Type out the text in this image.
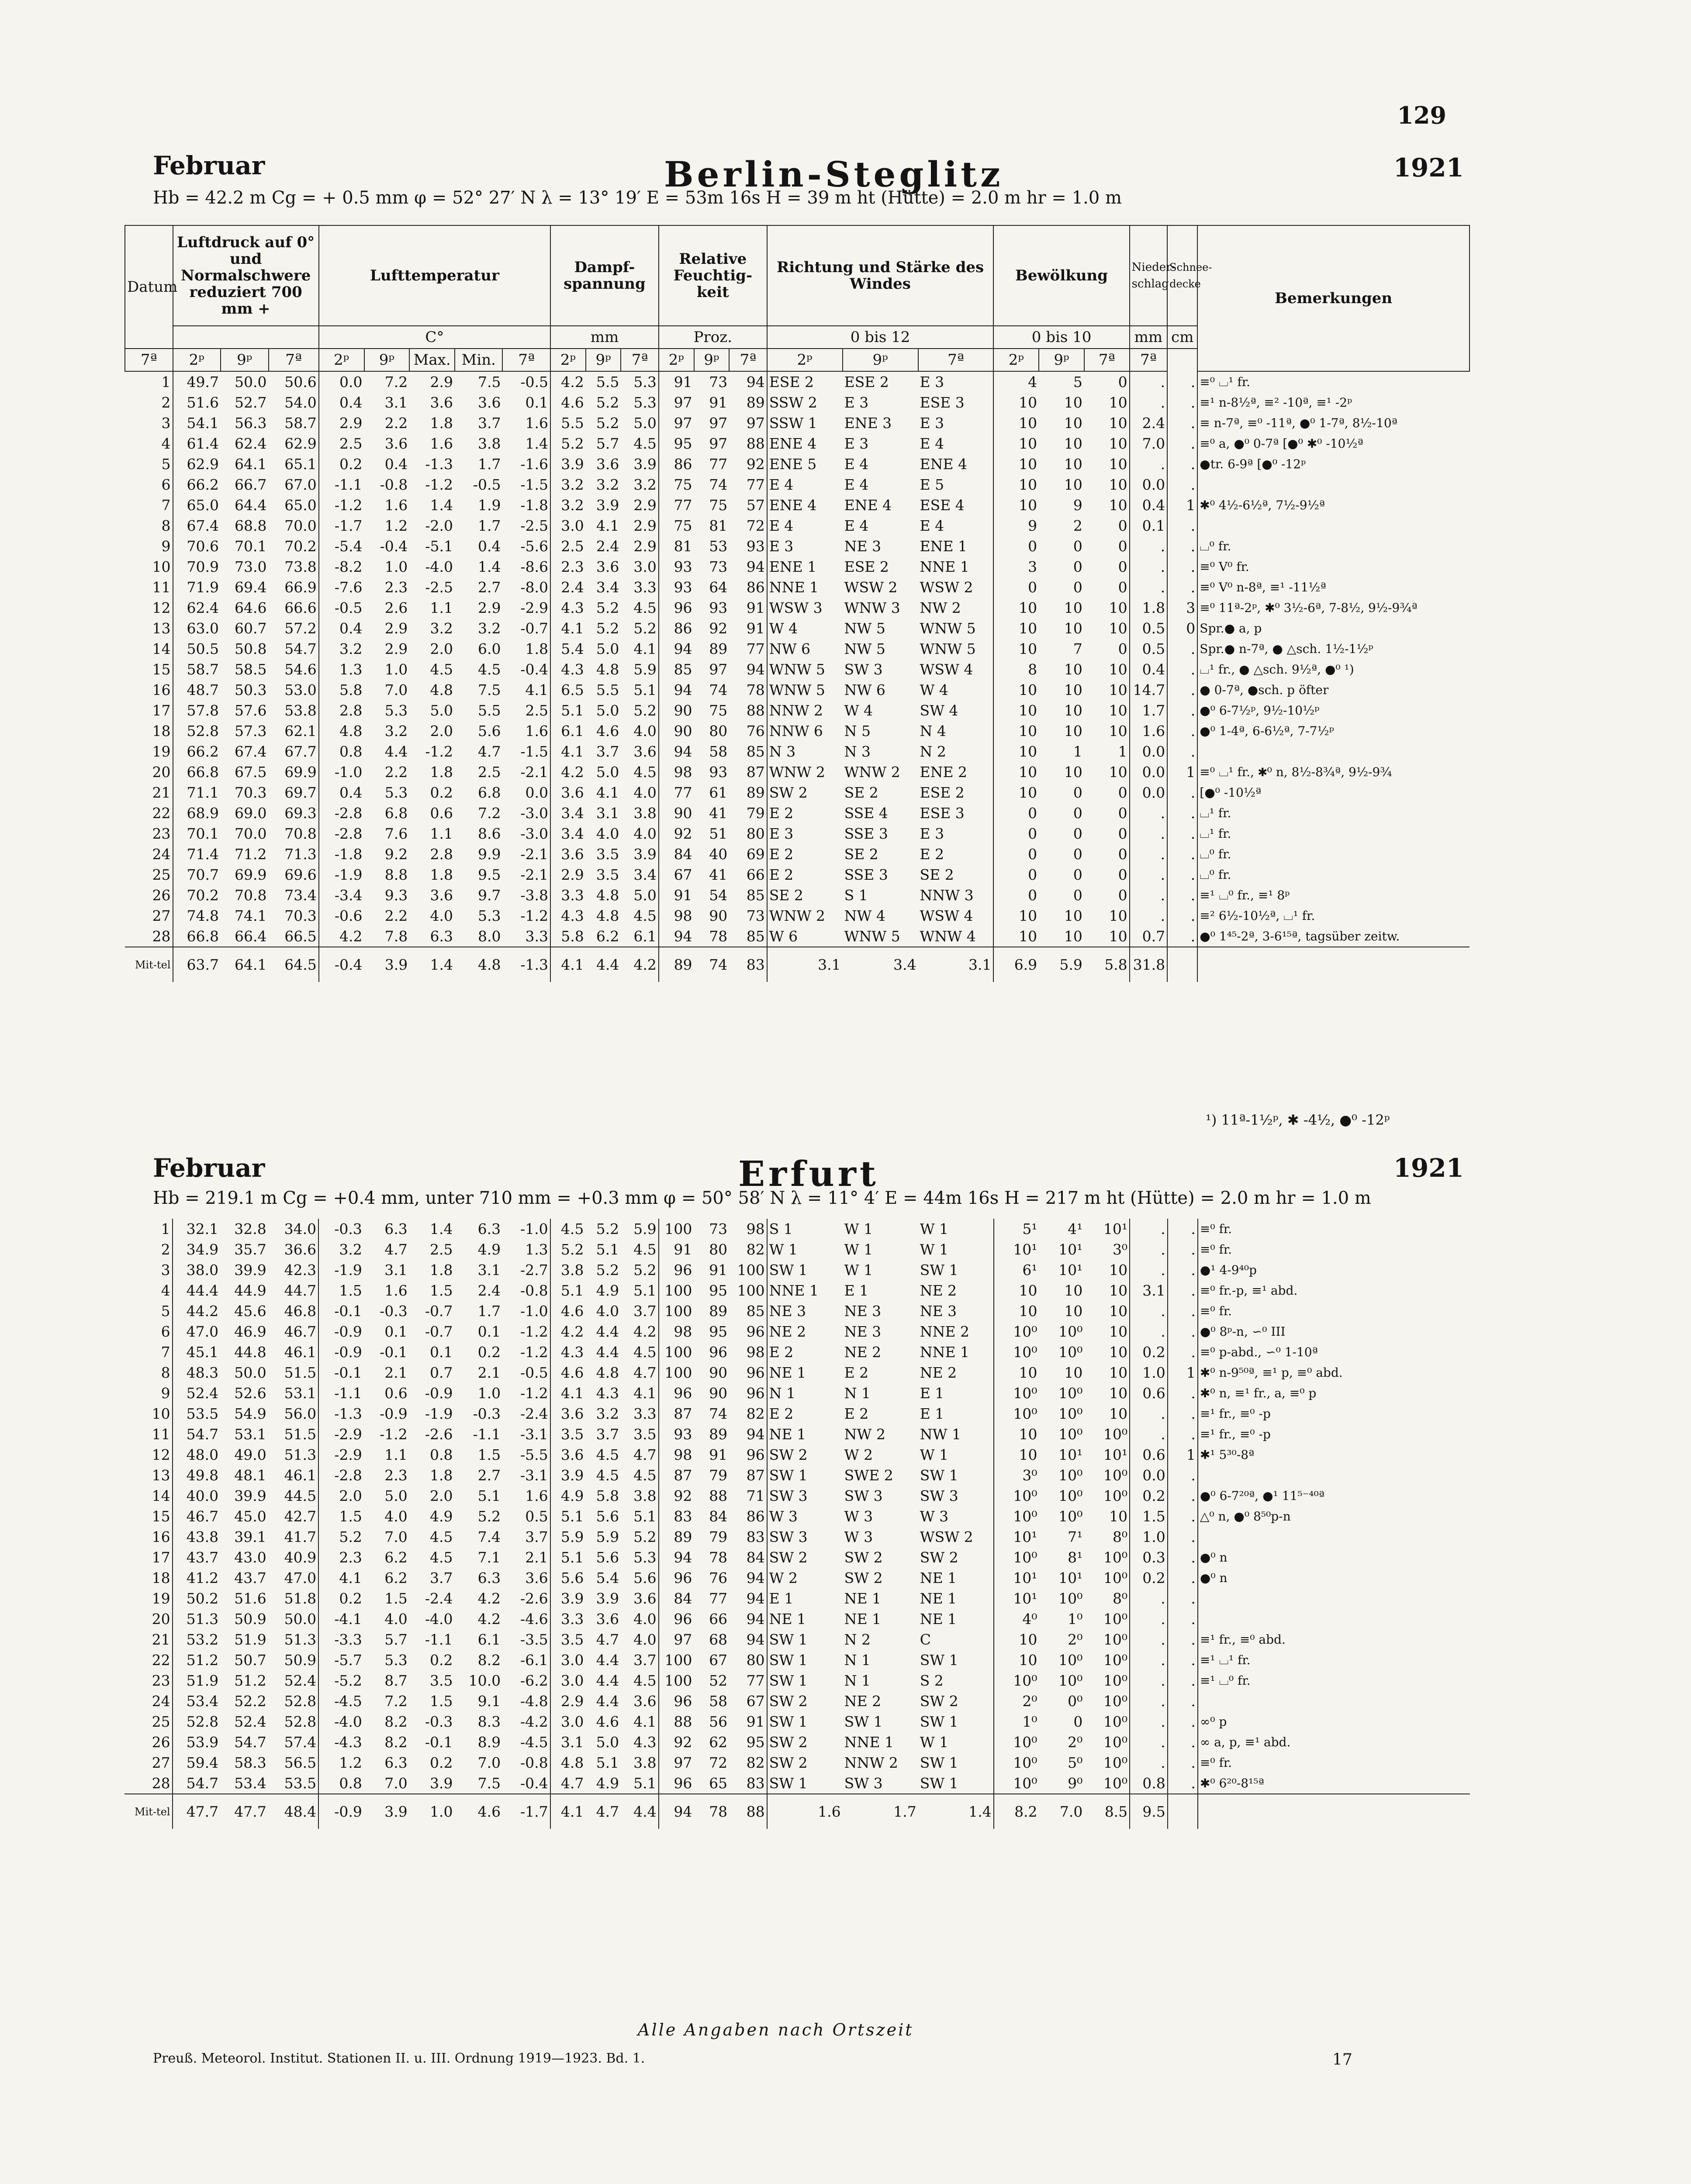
129
Februar	Berlin-Steglitz	1921
Hb = 42.2 m Cg = + 0.5 mm φ = 52° 27′ N λ = 13° 19′ E = 53m 16s H = 39 m ht (Hütte) = 2.0 m hr = 1.0 m
Datum	Luftdruck auf 0° und Normalschwere reduziert 700 mm +			Lufttemperatur					Dampf-spannung			Relative Feuchtig-keit			Richtung und Stärke des Windes			Bewölkung			Nieder-schlag	Schnee-decke	Bemerkungen
				C°					mm			Proz.			0 bis 12			0 bis 10			mm	cm	
7ª	2ᵖ	9ᵖ	7ª	2ᵖ	9ᵖ	Max.	Min.	7ª	2ᵖ	9ᵖ	7ª	2ᵖ	9ᵖ	7ª	2ᵖ	9ᵖ	7ª	2ᵖ	9ᵖ	7ª	7ª		
1	49.7	50.0	50.6	0.0	7.2	2.9	7.5	-0.5	4.2	5.5	5.3	91	73	94	ESE 2	ESE 2	E 3	4	5	0	.	.	≡⁰ ⌴¹ fr.
2	51.6	52.7	54.0	0.4	3.1	3.6	3.6	0.1	4.6	5.2	5.3	97	91	89	SSW 2	E 3	ESE 3	10	10	10	.	.	≡¹ n-8½ª, ≡² -10ª, ≡¹ -2ᵖ
3	54.1	56.3	58.7	2.9	2.2	1.8	3.7	1.6	5.5	5.2	5.0	97	97	97	SSW 1	ENE 3	E 3	10	10	10	2.4	.	≡ n-7ª, ≡⁰ -11ª, ●⁰ 1-7ª, 8½-10ª
4	61.4	62.4	62.9	2.5	3.6	1.6	3.8	1.4	5.2	5.7	4.5	95	97	88	ENE 4	E 3	E 4	10	10	10	7.0	.	≡⁰ a, ●⁰ 0-7ª [●⁰ ✱⁰ -10½ª
5	62.9	64.1	65.1	0.2	0.4	-1.3	1.7	-1.6	3.9	3.6	3.9	86	77	92	ENE 5	E 4	ENE 4	10	10	10	.	.	●tr. 6-9ª [●⁰ -12ᵖ
6	66.2	66.7	67.0	-1.1	-0.8	-1.2	-0.5	-1.5	3.2	3.2	3.2	75	74	77	E 4	E 4	E 5	10	10	10	0.0	.	
7	65.0	64.4	65.0	-1.2	1.6	1.4	1.9	-1.8	3.2	3.9	2.9	77	75	57	ENE 4	ENE 4	ESE 4	10	9	10	0.4	1	✱⁰ 4½-6½ª, 7½-9½ª
8	67.4	68.8	70.0	-1.7	1.2	-2.0	1.7	-2.5	3.0	4.1	2.9	75	81	72	E 4	E 4	E 4	9	2	0	0.1	.	
9	70.6	70.1	70.2	-5.4	-0.4	-5.1	0.4	-5.6	2.5	2.4	2.9	81	53	93	E 3	NE 3	ENE 1	0	0	0	.	.	⌴⁰ fr.
10	70.9	73.0	73.8	-8.2	1.0	-4.0	1.4	-8.6	2.3	3.6	3.0	93	73	94	ENE 1	ESE 2	NNE 1	3	0	0	.	.	≡⁰ V⁰ fr.
11	71.9	69.4	66.9	-7.6	2.3	-2.5	2.7	-8.0	2.4	3.4	3.3	93	64	86	NNE 1	WSW 2	WSW 2	0	0	0	.	.	≡⁰ V⁰ n-8ª, ≡¹ -11½ª
12	62.4	64.6	66.6	-0.5	2.6	1.1	2.9	-2.9	4.3	5.2	4.5	96	93	91	WSW 3	WNW 3	NW 2	10	10	10	1.8	3	≡⁰ 11ª-2ᵖ, ✱⁰ 3½-6ª, 7-8½, 9½-9¾ª
13	63.0	60.7	57.2	0.4	2.9	3.2	3.2	-0.7	4.1	5.2	5.2	86	92	91	W 4	NW 5	WNW 5	10	10	10	0.5	0	Spr.● a, p
14	50.5	50.8	54.7	3.2	2.9	2.0	6.0	1.8	5.4	5.0	4.1	94	89	77	NW 6	NW 5	WNW 5	10	7	0	0.5	.	Spr.● n-7ª, ● △sch. 1½-1½ᵖ
15	58.7	58.5	54.6	1.3	1.0	4.5	4.5	-0.4	4.3	4.8	5.9	85	97	94	WNW 5	SW 3	WSW 4	8	10	10	0.4	.	⌴¹ fr., ● △sch. 9½ª, ●⁰ ¹)
16	48.7	50.3	53.0	5.8	7.0	4.8	7.5	4.1	6.5	5.5	5.1	94	74	78	WNW 5	NW 6	W 4	10	10	10	14.7	.	● 0-7ª, ●sch. p öfter
17	57.8	57.6	53.8	2.8	5.3	5.0	5.5	2.5	5.1	5.0	5.2	90	75	88	NNW 2	W 4	SW 4	10	10	10	1.7	.	●⁰ 6-7½ᵖ, 9½-10½ᵖ
18	52.8	57.3	62.1	4.8	3.2	2.0	5.6	1.6	6.1	4.6	4.0	90	80	76	NNW 6	N 5	N 4	10	10	10	1.6	.	●⁰ 1-4ª, 6-6½ª, 7-7½ᵖ
19	66.2	67.4	67.7	0.8	4.4	-1.2	4.7	-1.5	4.1	3.7	3.6	94	58	85	N 3	N 3	N 2	10	1	1	0.0	.	
20	66.8	67.5	69.9	-1.0	2.2	1.8	2.5	-2.1	4.2	5.0	4.5	98	93	87	WNW 2	WNW 2	ENE 2	10	10	10	0.0	1	≡⁰ ⌴¹ fr., ✱⁰ n, 8½-8¾ª, 9½-9¾
21	71.1	70.3	69.7	0.4	5.3	0.2	6.8	0.0	3.6	4.1	4.0	77	61	89	SW 2	SE 2	ESE 2	10	0	0	0.0	.	[●⁰ -10½ª
22	68.9	69.0	69.3	-2.8	6.8	0.6	7.2	-3.0	3.4	3.1	3.8	90	41	79	E 2	SSE 4	ESE 3	0	0	0	.	.	⌴¹ fr.
23	70.1	70.0	70.8	-2.8	7.6	1.1	8.6	-3.0	3.4	4.0	4.0	92	51	80	E 3	SSE 3	E 3	0	0	0	.	.	⌴¹ fr.
24	71.4	71.2	71.3	-1.8	9.2	2.8	9.9	-2.1	3.6	3.5	3.9	84	40	69	E 2	SE 2	E 2	0	0	0	.	.	⌴⁰ fr.
25	70.7	69.9	69.6	-1.9	8.8	1.8	9.5	-2.1	2.9	3.5	3.4	67	41	66	E 2	SSE 3	SE 2	0	0	0	.	.	⌴⁰ fr.
26	70.2	70.8	73.4	-3.4	9.3	3.6	9.7	-3.8	3.3	4.8	5.0	91	54	85	SE 2	S 1	NNW 3	0	0	0	.	.	≡¹ ⌴⁰ fr., ≡¹ 8ᵖ
27	74.8	74.1	70.3	-0.6	2.2	4.0	5.3	-1.2	4.3	4.8	4.5	98	90	73	WNW 2	NW 4	WSW 4	10	10	10	.	.	≡² 6½-10½ª, ⌴¹ fr.
28	66.8	66.4	66.5	4.2	7.8	6.3	8.0	3.3	5.8	6.2	6.1	94	78	85	W 6	WNW 5	WNW 4	10	10	10	0.7	.	●⁰ 1⁴⁵-2ª, 3-6¹⁵ª, tagsüber zeitw.
Mit-tel	63.7	64.1	64.5	-0.4	3.9	1.4	4.8	-1.3	4.1	4.4	4.2	89	74	83	3.1	3.4	3.1	6.9	5.9	5.8	31.8		
¹) 11ª-1½ᵖ, ✱ -4½, ●⁰ -12ᵖ
Februar	Erfurt	1921
Hb = 219.1 m Cg = +0.4 mm, unter 710 mm = +0.3 mm φ = 50° 58′ N λ = 11° 4′ E = 44m 16s H = 217 m ht (Hütte) = 2.0 m hr = 1.0 m
1	32.1	32.8	34.0	-0.3	6.3	1.4	6.3	-1.0	4.5	5.2	5.9	100	73	98	S 1	W 1	W 1	5¹	4¹	10¹	.	.	≡⁰ fr.
2	34.9	35.7	36.6	3.2	4.7	2.5	4.9	1.3	5.2	5.1	4.5	91	80	82	W 1	W 1	W 1	10¹	10¹	3⁰	.	.	≡⁰ fr.
3	38.0	39.9	42.3	-1.9	3.1	1.8	3.1	-2.7	3.8	5.2	5.2	96	91	100	SW 1	W 1	SW 1	6¹	10¹	10	.	.	●¹ 4-9⁴⁰p
4	44.4	44.9	44.7	1.5	1.6	1.5	2.4	-0.8	5.1	4.9	5.1	100	95	100	NNE 1	E 1	NE 2	10	10	10	3.1	.	≡⁰ fr.-p, ≡¹ abd.
5	44.2	45.6	46.8	-0.1	-0.3	-0.7	1.7	-1.0	4.6	4.0	3.7	100	89	85	NE 3	NE 3	NE 3	10	10	10	.	.	≡⁰ fr.
6	47.0	46.9	46.7	-0.9	0.1	-0.7	0.1	-1.2	4.2	4.4	4.2	98	95	96	NE 2	NE 3	NNE 2	10⁰	10⁰	10	.	.	●⁰ 8ᵖ-n, ∽⁰ III
7	45.1	44.8	46.1	-0.9	-0.1	0.1	0.2	-1.2	4.3	4.4	4.5	100	96	98	E 2	NE 2	NNE 1	10⁰	10⁰	10	0.2	.	≡⁰ p-abd., ∽⁰ 1-10ª
8	48.3	50.0	51.5	-0.1	2.1	0.7	2.1	-0.5	4.6	4.8	4.7	100	90	96	NE 1	E 2	NE 2	10	10	10	1.0	1	✱⁰ n-9⁵⁰ª, ≡¹ p, ≡⁰ abd.
9	52.4	52.6	53.1	-1.1	0.6	-0.9	1.0	-1.2	4.1	4.3	4.1	96	90	96	N 1	N 1	E 1	10⁰	10⁰	10	0.6	.	✱⁰ n, ≡¹ fr., a, ≡⁰ p
10	53.5	54.9	56.0	-1.3	-0.9	-1.9	-0.3	-2.4	3.6	3.2	3.3	87	74	82	E 2	E 2	E 1	10⁰	10⁰	10	.	.	≡¹ fr., ≡⁰ -p
11	54.7	53.1	51.5	-2.9	-1.2	-2.6	-1.1	-3.1	3.5	3.7	3.5	93	89	94	NE 1	NW 2	NW 1	10	10⁰	10⁰	.	.	≡¹ fr., ≡⁰ -p
12	48.0	49.0	51.3	-2.9	1.1	0.8	1.5	-5.5	3.6	4.5	4.7	98	91	96	SW 2	W 2	W 1	10	10¹	10¹	0.6	1	✱¹ 5³⁰-8ª
13	49.8	48.1	46.1	-2.8	2.3	1.8	2.7	-3.1	3.9	4.5	4.5	87	79	87	SW 1	SWE 2	SW 1	3⁰	10⁰	10⁰	0.0	.	
14	40.0	39.9	44.5	2.0	5.0	2.0	5.1	1.6	4.9	5.8	3.8	92	88	71	SW 3	SW 3	SW 3	10⁰	10⁰	10⁰	0.2	.	●⁰ 6-7²⁰ª, ●¹ 11⁵⁻⁴⁰ª
15	46.7	45.0	42.7	1.5	4.0	4.9	5.2	0.5	5.1	5.6	5.1	83	84	86	W 3	W 3	W 3	10⁰	10⁰	10	1.5	.	△⁰ n, ●⁰ 8⁵⁰p-n
16	43.8	39.1	41.7	5.2	7.0	4.5	7.4	3.7	5.9	5.9	5.2	89	79	83	SW 3	W 3	WSW 2	10¹	7¹	8⁰	1.0	.	
17	43.7	43.0	40.9	2.3	6.2	4.5	7.1	2.1	5.1	5.6	5.3	94	78	84	SW 2	SW 2	SW 2	10⁰	8¹	10⁰	0.3	.	●⁰ n
18	41.2	43.7	47.0	4.1	6.2	3.7	6.3	3.6	5.6	5.4	5.6	96	76	94	W 2	SW 2	NE 1	10¹	10¹	10⁰	0.2	.	●⁰ n
19	50.2	51.6	51.8	0.2	1.5	-2.4	4.2	-2.6	3.9	3.9	3.6	84	77	94	E 1	NE 1	NE 1	10¹	10⁰	8⁰	.	.	
20	51.3	50.9	50.0	-4.1	4.0	-4.0	4.2	-4.6	3.3	3.6	4.0	96	66	94	NE 1	NE 1	NE 1	4⁰	1⁰	10⁰	.	.	
21	53.2	51.9	51.3	-3.3	5.7	-1.1	6.1	-3.5	3.5	4.7	4.0	97	68	94	SW 1	N 2	C	10	2⁰	10⁰	.	.	≡¹ fr., ≡⁰ abd.
22	51.2	50.7	50.9	-5.7	5.3	0.2	8.2	-6.1	3.0	4.4	3.7	100	67	80	SW 1	N 1	SW 1	10	10⁰	10⁰	.	.	≡¹ ⌴¹ fr.
23	51.9	51.2	52.4	-5.2	8.7	3.5	10.0	-6.2	3.0	4.4	4.5	100	52	77	SW 1	N 1	S 2	10⁰	10⁰	10⁰	.	.	≡¹ ⌴⁰ fr.
24	53.4	52.2	52.8	-4.5	7.2	1.5	9.1	-4.8	2.9	4.4	3.6	96	58	67	SW 2	NE 2	SW 2	2⁰	0⁰	10⁰	.	.	
25	52.8	52.4	52.8	-4.0	8.2	-0.3	8.3	-4.2	3.0	4.6	4.1	88	56	91	SW 1	SW 1	SW 1	1⁰	0	10⁰	.	.	∞⁰ p
26	53.9	54.7	57.4	-4.3	8.2	-0.1	8.9	-4.5	3.1	5.0	4.3	92	62	95	SW 2	NNE 1	W 1	10⁰	2⁰	10⁰	.	.	∞ a, p, ≡¹ abd.
27	59.4	58.3	56.5	1.2	6.3	0.2	7.0	-0.8	4.8	5.1	3.8	97	72	82	SW 2	NNW 2	SW 1	10⁰	5⁰	10⁰	.	.	≡⁰ fr.
28	54.7	53.4	53.5	0.8	7.0	3.9	7.5	-0.4	4.7	4.9	5.1	96	65	83	SW 1	SW 3	SW 1	10⁰	9⁰	10⁰	0.8	.	✱⁰ 6²⁰-8¹⁵ª
Mit-tel	47.7	47.7	48.4	-0.9	3.9	1.0	4.6	-1.7	4.1	4.7	4.4	94	78	88	1.6	1.7	1.4	8.2	7.0	8.5	9.5		
Alle Angaben nach Ortszeit
Preuß. Meteorol. Institut. Stationen II. u. III. Ordnung 1919—1923. Bd. 1.	17
